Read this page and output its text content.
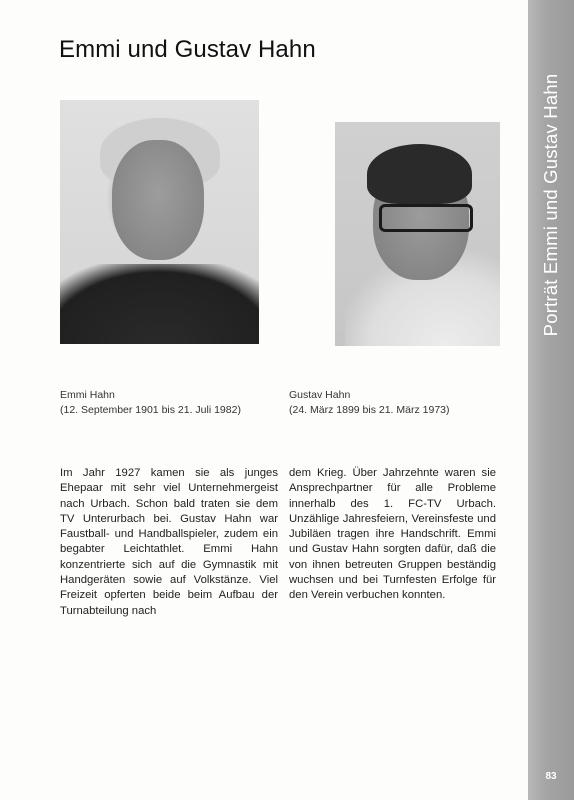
Emmi und Gustav Hahn
Emmi Hahn
(12. September 1901 bis 21. Juli 1982)
Gustav Hahn
(24. März 1899 bis 21. März 1973)
Im Jahr 1927 kamen sie als junges Ehepaar mit sehr viel Unternehmergeist nach Urbach. Schon bald traten sie dem TV Unterurbach bei. Gustav Hahn war Faustball- und Handballspieler, zudem ein begabter Leichtathlet. Emmi Hahn konzentrierte sich auf die Gymnastik mit Handgeräten sowie auf Volkstänze. Viel Freizeit opferten beide beim Aufbau der Turnabteilung nach
dem Krieg. Über Jahrzehnte waren sie Ansprechpartner für alle Probleme innerhalb des 1. FC-TV Urbach. Unzählige Jahresfeiern, Vereinsfeste und Jubiläen tragen ihre Handschrift. Emmi und Gustav Hahn sorgten dafür, daß die von ihnen betreuten Gruppen beständig wuchsen und bei Turnfesten Erfolge für den Verein verbuchen konnten.
Porträt Emmi und Gustav Hahn
83
